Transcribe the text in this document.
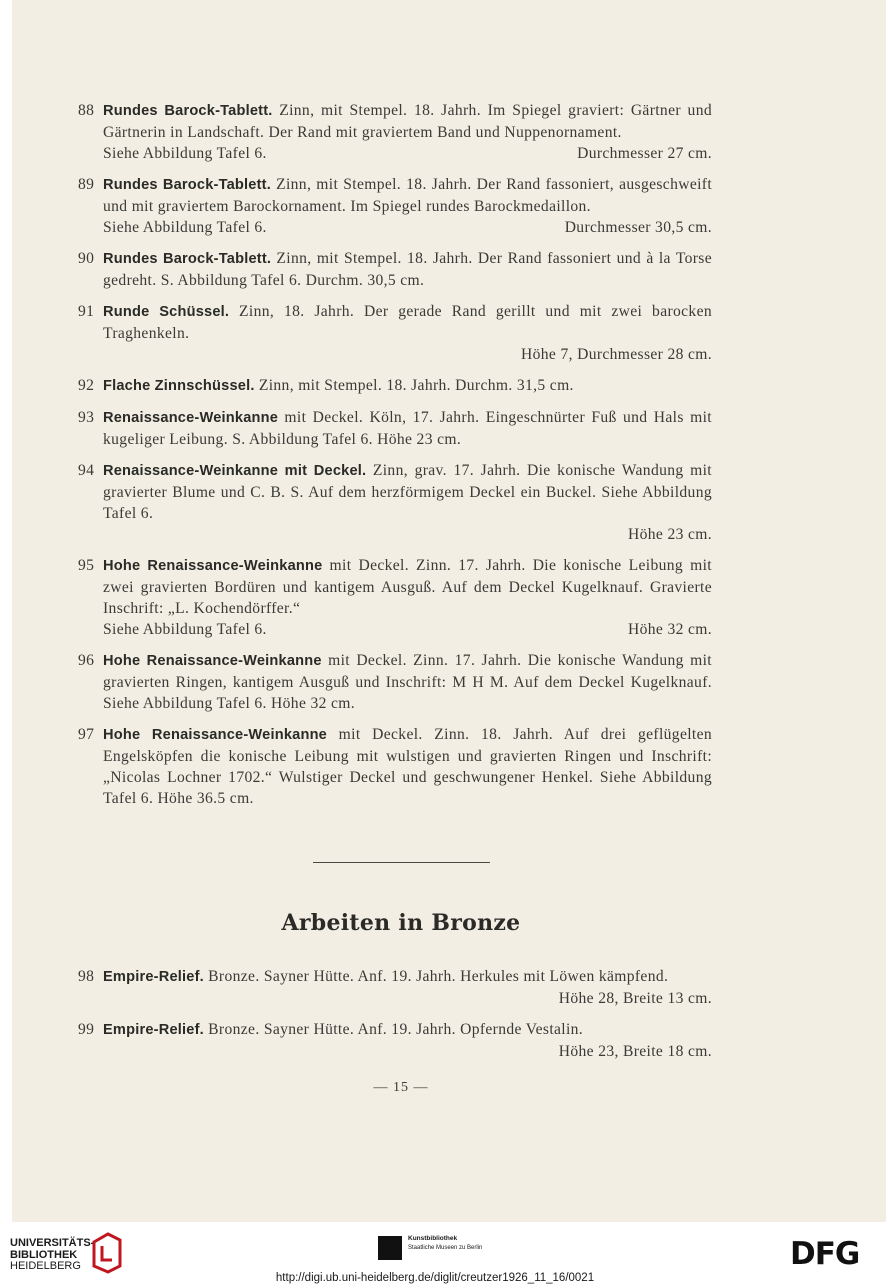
88 Rundes Barock-Tablett. Zinn, mit Stempel. 18. Jahrh. Im Spiegel graviert: Gärtner und Gärtnerin in Landschaft. Der Rand mit graviertem Band und Nuppenornament.
Siehe Abbildung Tafel 6.	Durchmesser 27 cm.
89 Rundes Barock-Tablett. Zinn, mit Stempel. 18. Jahrh. Der Rand fassoniert, ausgeschweift und mit graviertem Barockornament. Im Spiegel rundes Barockmedaillon.
Siehe Abbildung Tafel 6.	Durchmesser 30,5 cm.
90 Rundes Barock-Tablett. Zinn, mit Stempel. 18. Jahrh. Der Rand fassoniert und à la Torse gedreht. S. Abbildung Tafel 6. Durchm. 30,5 cm.
91 Runde Schüssel. Zinn, 18. Jahrh. Der gerade Rand gerillt und mit zwei barocken Traghenkeln.
Höhe 7, Durchmesser 28 cm.
92 Flache Zinnschüssel. Zinn, mit Stempel. 18. Jahrh. Durchm. 31,5 cm.
93 Renaissance-Weinkanne mit Deckel. Köln, 17. Jahrh. Eingeschnürter Fuß und Hals mit kugeliger Leibung. S. Abbildung Tafel 6. Höhe 23 cm.
94 Renaissance-Weinkanne mit Deckel. Zinn, grav. 17. Jahrh. Die konische Wandung mit gravierter Blume und C. B. S. Auf dem herzförmigem Deckel ein Buckel. Siehe Abbildung Tafel 6.
Höhe 23 cm.
95 Hohe Renaissance-Weinkanne mit Deckel. Zinn. 17. Jahrh. Die konische Leibung mit zwei gravierten Bordüren und kantigem Ausguß. Auf dem Deckel Kugelknauf. Gravierte Inschrift: „L. Kochendörffer.“
Siehe Abbildung Tafel 6.	Höhe 32 cm.
96 Hohe Renaissance-Weinkanne mit Deckel. Zinn. 17. Jahrh. Die konische Wandung mit gravierten Ringen, kantigem Ausguß und Inschrift: M H M. Auf dem Deckel Kugelknauf. Siehe Abbildung Tafel 6. Höhe 32 cm.
97 Hohe Renaissance-Weinkanne mit Deckel. Zinn. 18. Jahrh. Auf drei geflügelten Engelsköpfen die konische Leibung mit wulstigen und gravierten Ringen und Inschrift: „Nicolas Lochner 1702.“ Wulstiger Deckel und geschwungener Henkel. Siehe Abbildung Tafel 6. Höhe 36.5 cm.
Arbeiten in Bronze
98 Empire-Relief. Bronze. Sayner Hütte. Anf. 19. Jahrh. Herkules mit Löwen kämpfend.
Höhe 28, Breite 13 cm.
99 Empire-Relief. Bronze. Sayner Hütte. Anf. 19. Jahrh. Opfernde Vestalin.
Höhe 23, Breite 18 cm.
— 15 —
UNIVERSITÄTS-
BIBLIOTHEK
HEIDELBERG
Kunstbibliothek
Staatliche Museen zu Berlin	DFG
http://digi.ub.uni-heidelberg.de/diglit/creutzer1926_11_16/0021
